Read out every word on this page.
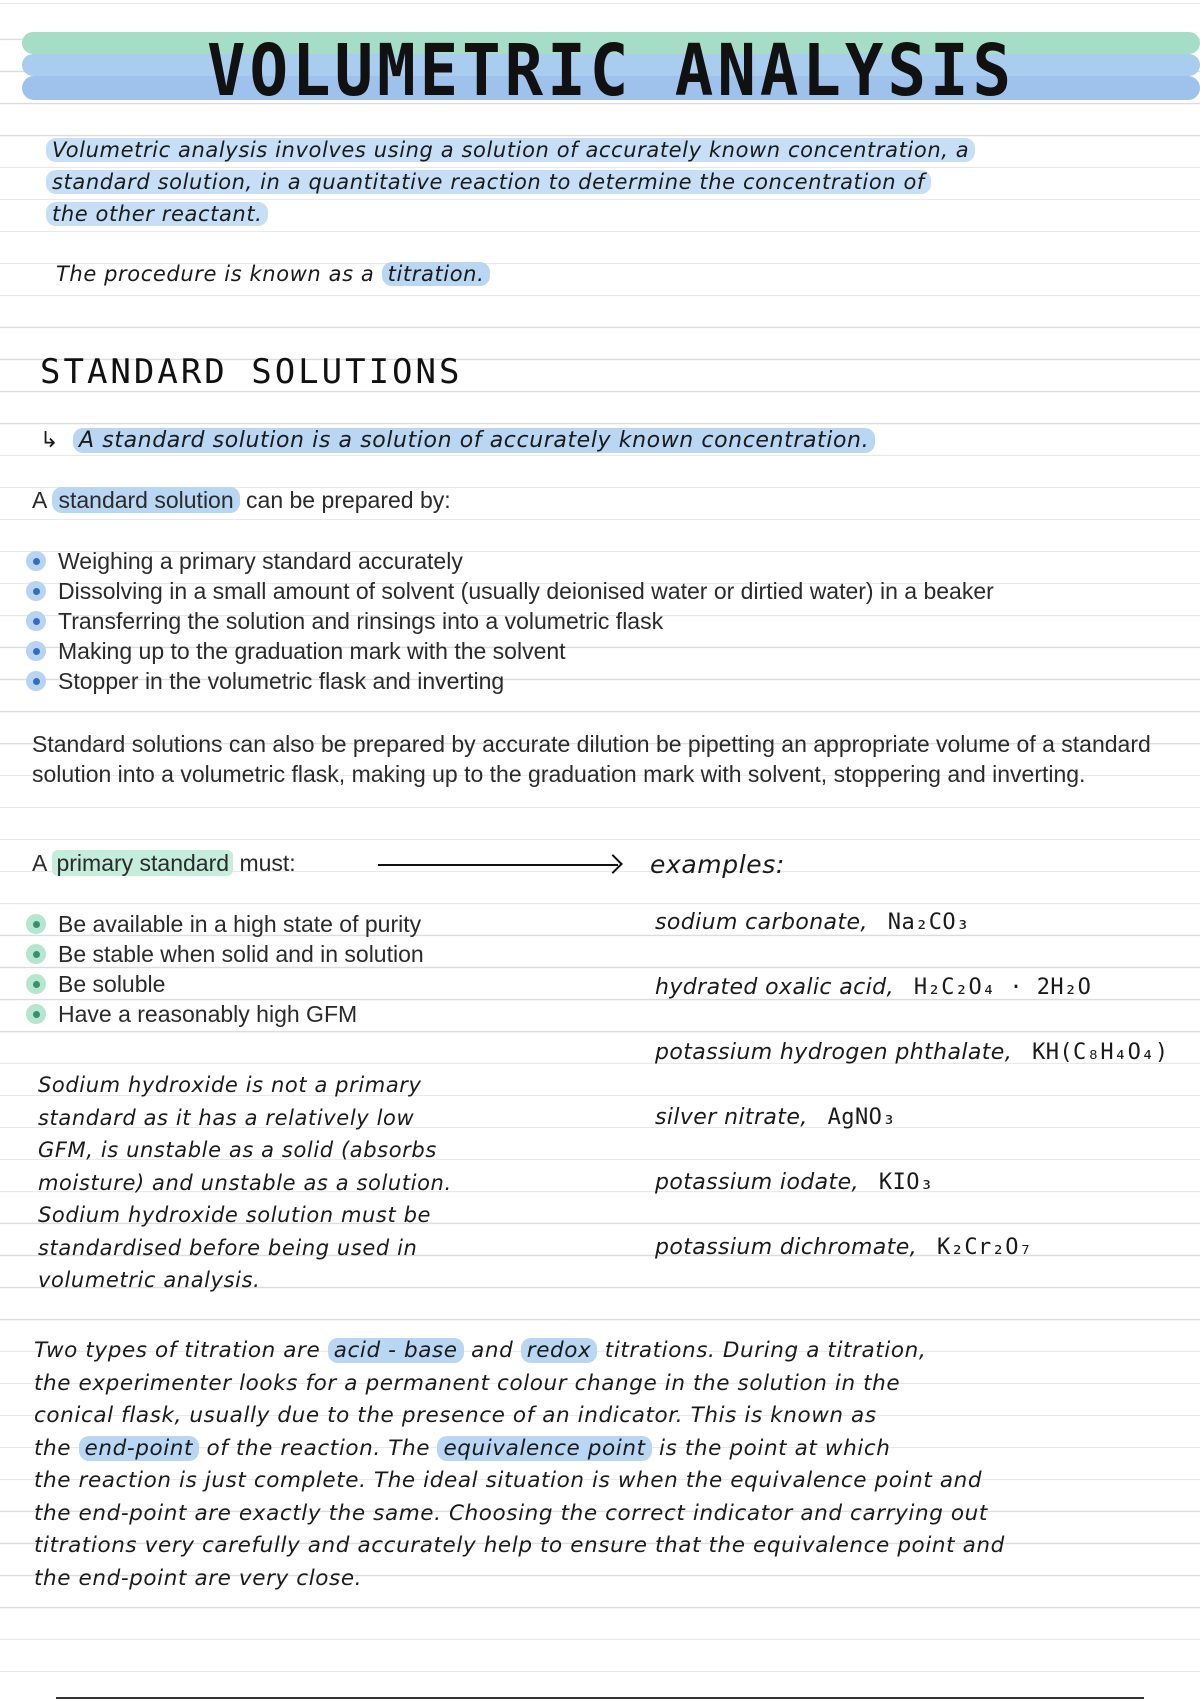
VOLUMETRIC ANALYSIS

Volumetric analysis involves using a solution of accurately known concentration, a
standard solution, in a quantitative reaction to determine the concentration of
the other reactant.

The procedure is known as a titration.

STANDARD SOLUTIONS

↳ A standard solution is a solution of accurately known concentration.

A standard solution can be prepared by:
Weighing a primary standard accurately
Dissolving in a small amount of solvent (usually deionised water or dirtied water) in a beaker
Transferring the solution and rinsings into a volumetric flask
Making up to the graduation mark with the solvent
Stopper in the volumetric flask and inverting
Standard solutions can also be prepared by accurate dilution be pipetting an appropriate volume of a standard solution into a volumetric flask, making up to the graduation mark with solvent, stoppering and inverting.
A primary standard must:	examples:

Be available in a high state of purity
Be stable when solid and in solution
Be soluble
Have a reasonably high GFM
sodium carbonate, Na₂CO₃
hydrated oxalic acid, H₂C₂O₄ · 2H₂O
potassium hydrogen phthalate, KH(C₈H₄O₄)
silver nitrate, AgNO₃
potassium iodate, KIO₃
potassium dichromate, K₂Cr₂O₇

Sodium hydroxide is not a primary
standard as it has a relatively low
GFM, is unstable as a solid (absorbs
moisture) and unstable as a solution.
Sodium hydroxide solution must be
standardised before being used in
volumetric analysis.

Two types of titration are acid - base and redox titrations. During a titration,
the experimenter looks for a permanent colour change in the solution in the
conical flask, usually due to the presence of an indicator. This is known as
the end-point of the reaction. The equivalence point is the point at which
the reaction is just complete. The ideal situation is when the equivalence point and
the end-point are exactly the same. Choosing the correct indicator and carrying out
titrations very carefully and accurately help to ensure that the equivalence point and
the end-point are very close.
